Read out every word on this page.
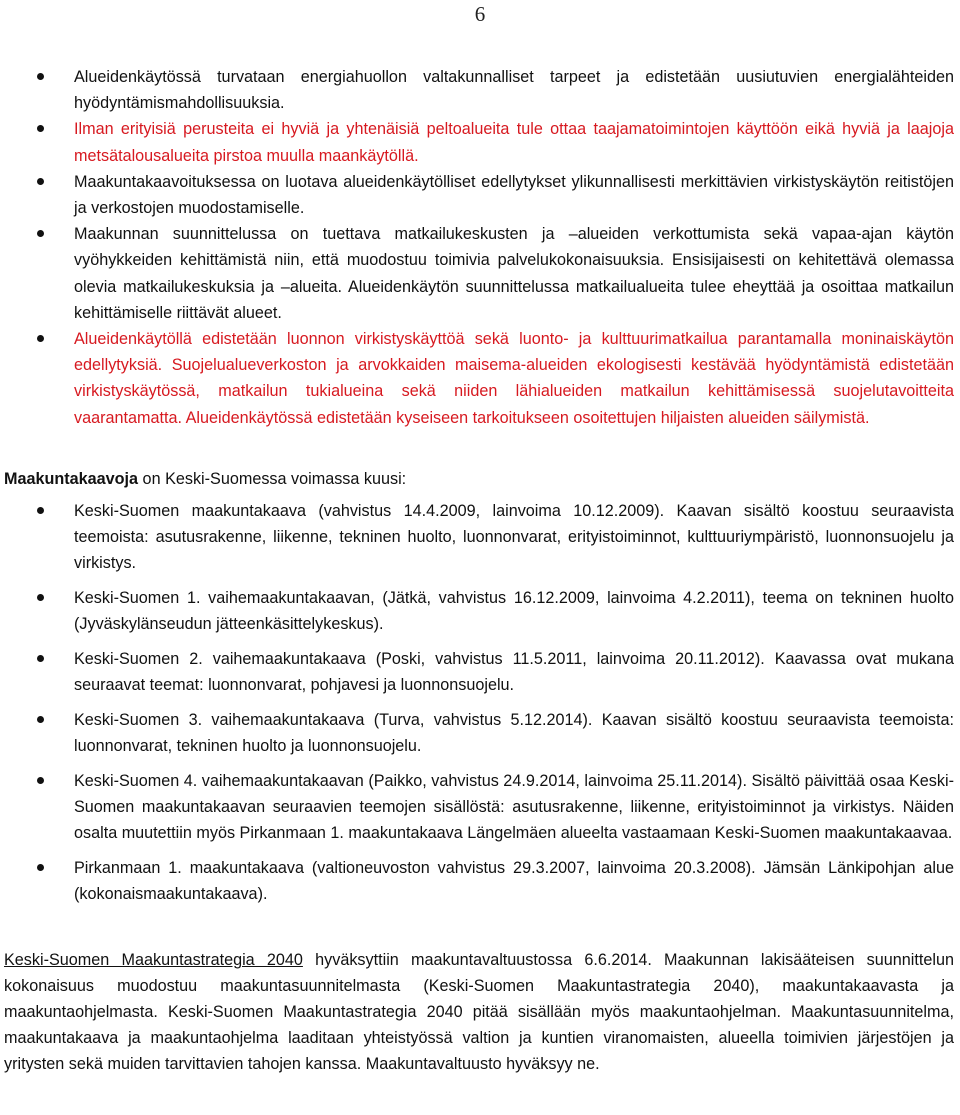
6
Alueidenkäytössä turvataan energiahuollon valtakunnalliset tarpeet ja edistetään uusiutuvien energialähteiden hyödyntämismahdollisuuksia.
Ilman erityisiä perusteita ei hyviä ja yhtenäisiä peltoalueita tule ottaa taajamatoimintojen käyttöön eikä hyviä ja laajoja metsätalousalueita pirstoa muulla maankäytöllä.
Maakuntakaavoituksessa on luotava alueidenkäytölliset edellytykset ylikunnallisesti merkittävien virkistyskäytön reitistöjen ja verkostojen muodostamiselle.
Maakunnan suunnittelussa on tuettava matkailukeskusten ja –alueiden verkottumista sekä vapaa-ajan käytön vyöhykkeiden kehittämistä niin, että muodostuu toimivia palvelukokonaisuuksia. Ensisijaisesti on kehitettävä olemassa olevia matkailukeskuksia ja –alueita. Alueidenkäytön suunnittelussa matkailualueita tulee eheyttää ja osoittaa matkailun kehittämiselle riittävät alueet.
Alueidenkäytöllä edistetään luonnon virkistyskäyttöä sekä luonto- ja kulttuurimatkailua parantamalla moninaiskäytön edellytyksiä. Suojelualueverkoston ja arvokkaiden maisema-alueiden ekologisesti kestävää hyödyntämistä edistetään virkistyskäytössä, matkailun tukialueina sekä niiden lähialueiden matkailun kehittämisessä suojelutavoitteita vaarantamatta. Alueidenkäytössä edistetään kyseiseen tarkoitukseen osoitettujen hiljaisten alueiden säilymistä.

Maakuntakaavoja on Keski-Suomessa voimassa kuusi:

Keski-Suomen maakuntakaava (vahvistus 14.4.2009, lainvoima 10.12.2009). Kaavan sisältö koostuu seuraavista teemoista: asutusrakenne, liikenne, tekninen huolto, luonnonvarat, erityistoiminnot, kulttuuriympäristö, luonnonsuojelu ja virkistys.
Keski-Suomen 1. vaihemaakuntakaavan, (Jätkä, vahvistus 16.12.2009, lainvoima 4.2.2011), teema on tekninen huolto (Jyväskylänseudun jätteenkäsittelykeskus).
Keski-Suomen 2. vaihemaakuntakaava (Poski, vahvistus 11.5.2011, lainvoima 20.11.2012). Kaavassa ovat mukana seuraavat teemat: luonnonvarat, pohjavesi ja luonnonsuojelu.
Keski-Suomen 3. vaihemaakuntakaava (Turva, vahvistus 5.12.2014). Kaavan sisältö koostuu seuraavista teemoista: luonnonvarat, tekninen huolto ja luonnonsuojelu.
Keski-Suomen 4. vaihemaakuntakaavan (Paikko, vahvistus 24.9.2014, lainvoima 25.11.2014). Sisältö päivittää osaa Keski-Suomen maakuntakaavan seuraavien teemojen sisällöstä: asutusrakenne, liikenne, erityistoiminnot ja virkistys. Näiden osalta muutettiin myös Pirkanmaan 1. maakuntakaava Längelmäen alueelta vastaamaan Keski-Suomen maakuntakaavaa.
Pirkanmaan 1. maakuntakaava (valtioneuvoston vahvistus 29.3.2007, lainvoima 20.3.2008). Jämsän Länkipohjan alue (kokonaismaakuntakaava).

Keski-Suomen Maakuntastrategia 2040 hyväksyttiin maakuntavaltuustossa 6.6.2014. Maakunnan lakisääteisen suunnittelun kokonaisuus muodostuu maakuntasuunnitelmasta (Keski-Suomen Maakuntastrategia 2040), maakuntakaavasta ja maakuntaohjelmasta. Keski-Suomen Maakuntastrategia 2040 pitää sisällään myös maakuntaohjelman. Maakuntasuunnitelma, maakuntakaava ja maakuntaohjelma laaditaan yhteistyössä valtion ja kuntien viranomaisten, alueella toimivien järjestöjen ja yritysten sekä muiden tarvittavien tahojen kanssa. Maakuntavaltuusto hyväksyy ne.
